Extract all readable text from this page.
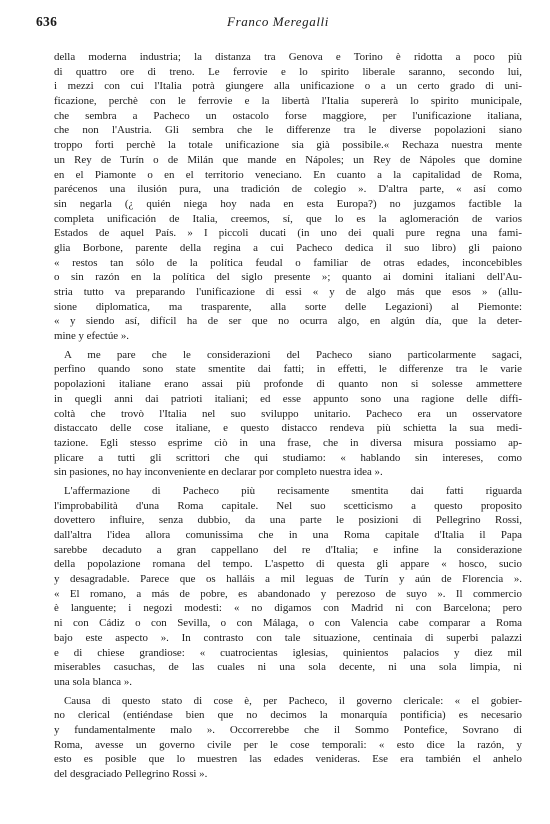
636	Franco Meregalli
della moderna industria; la distanza tra Genova e Torino è ridotta a poco più
di quattro ore di treno. Le ferrovie e lo spirito liberale saranno, secondo lui,
i mezzi con cui l'Italia potrà giungere alla unificazione o a un certo grado di uni-
ficazione, perchè con le ferrovie e la libertà l'Italia supererà lo spirito municipale,
che sembra a Pacheco un ostacolo forse maggiore, per l'unificazione italiana,
che non l'Austria. Gli sembra che le differenze tra le diverse popolazioni siano
troppo forti perchè la totale unificazione sia già possibile.« Rechaza nuestra mente
un Rey de Turín o de Milán que mande en Nápoles; un Rey de Nápoles que domine
en el Piamonte o en el territorio veneciano. En cuanto a la capitalidad de Roma,
parécenos una ilusión pura, una tradición de colegio ». D'altra parte, « así como
sin negarla (¿ quién niega hoy nada en esta Europa?) no juzgamos factible la
completa unificación de Italia, creemos, sí, que lo es la aglomeración de varios
Estados de aquel País. » I piccoli ducati (in uno dei quali pure regna una fami-
glia Borbone, parente della regina a cui Pacheco dedica il suo libro) gli paiono
« restos tan sólo de la política feudal o familiar de otras edades, inconcebibles
o sin razón en la política del siglo presente »; quanto ai domini italiani dell'Au-
stria tutto va preparando l'unificazione di essi « y de algo más que esos » (allu-
sione diplomatica, ma trasparente, alla sorte delle Legazioni) al Piemonte:
« y siendo así, difícil ha de ser que no ocurra algo, en algún día, que la deter-
mine y efectúe ».
A me pare che le considerazioni del Pacheco siano particolarmente sagaci,
perfino quando sono state smentite dai fatti; in effetti, le differenze tra le varie
popolazioni italiane erano assai più profonde di quanto non si solesse ammettere
in quegli anni dai patrioti italiani; ed esse appunto sono una ragione delle diffi-
coltà che trovò l'Italia nel suo sviluppo unitario. Pacheco era un osservatore
distaccato delle cose italiane, e questo distacco rendeva più schietta la sua medi-
tazione. Egli stesso esprime ciò in una frase, che in diversa misura possiamo ap-
plicare a tutti gli scrittori che qui studiamo: « hablando sin intereses, como
sin pasiones, no hay inconveniente en declarar por completo nuestra idea ».
L'affermazione di Pacheco più recisamente smentita dai fatti riguarda
l'improbabilità d'una Roma capitale. Nel suo scetticismo a questo proposito
dovettero influire, senza dubbio, da una parte le posizioni di Pellegrino Rossi,
dall'altra l'idea allora comunissima che in una Roma capitale d'Italia il Papa
sarebbe decaduto a gran cappellano del re d'Italia; e infine la considerazione
della popolazione romana del tempo. L'aspetto di questa gli appare « hosco, sucio
y desagradable. Parece que os halláis a mil leguas de Turín y aún de Florencia ».
« El romano, a más de pobre, es abandonado y perezoso de suyo ». Il commercio
è languente; i negozi modesti: « no digamos con Madrid ni con Barcelona; pero
ni con Cádiz o con Sevilla, o con Málaga, o con Valencia cabe comparar a Roma
bajo este aspecto ». In contrasto con tale situazione, centinaia di superbi palazzi
e di chiese grandiose: « cuatrocientas iglesias, quinientos palacios y diez mil
miserables casuchas, de las cuales ni una sola decente, ni una sola limpia, ni
una sola blanca ».
Causa di questo stato di cose è, per Pacheco, il governo clericale: « el gobier-
no clerical (entiéndase bien que no decimos la monarquía pontificia) es necesario
y fundamentalmente malo ». Occorrerebbe che il Sommo Pontefice, Sovrano di
Roma, avesse un governo civile per le cose temporali: « esto dice la razón, y
esto es posible que lo muestren las edades venideras. Ese era también el anhelo
del desgraciado Pellegrino Rossi ».
